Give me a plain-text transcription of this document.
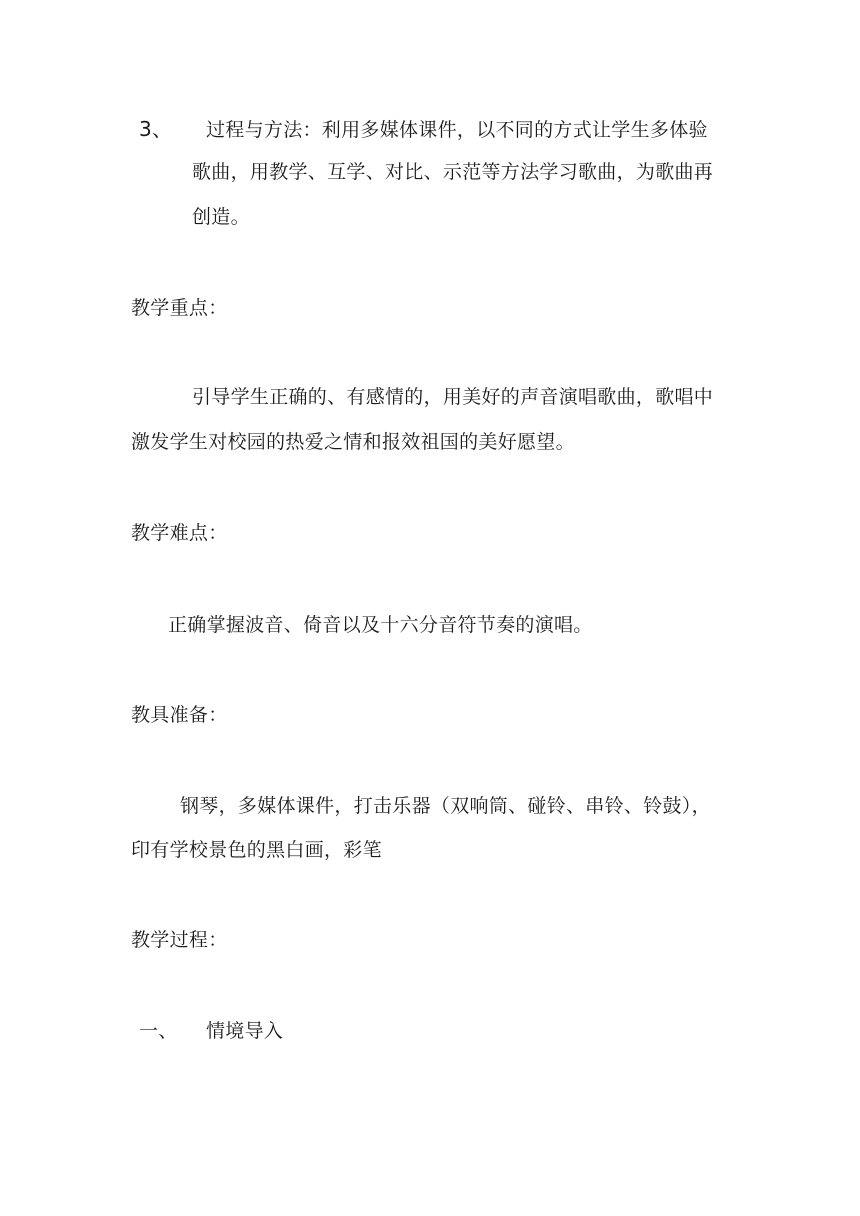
3、 过程与方法：利用多媒体课件，以不同的方式让学生多体验
歌曲，用教学、互学、对比、示范等方法学习歌曲，为歌曲再
创造。
教学重点：
引导学生正确的、有感情的，用美好的声音演唱歌曲，歌唱中
激发学生对校园的热爱之情和报效祖国的美好愿望。
教学难点：
正确掌握波音、倚音以及十六分音符节奏的演唱。
教具准备：
钢琴，多媒体课件，打击乐器（双响筒、碰铃、串铃、铃鼓），
印有学校景色的黑白画，彩笔
教学过程：
一、 情境导入
